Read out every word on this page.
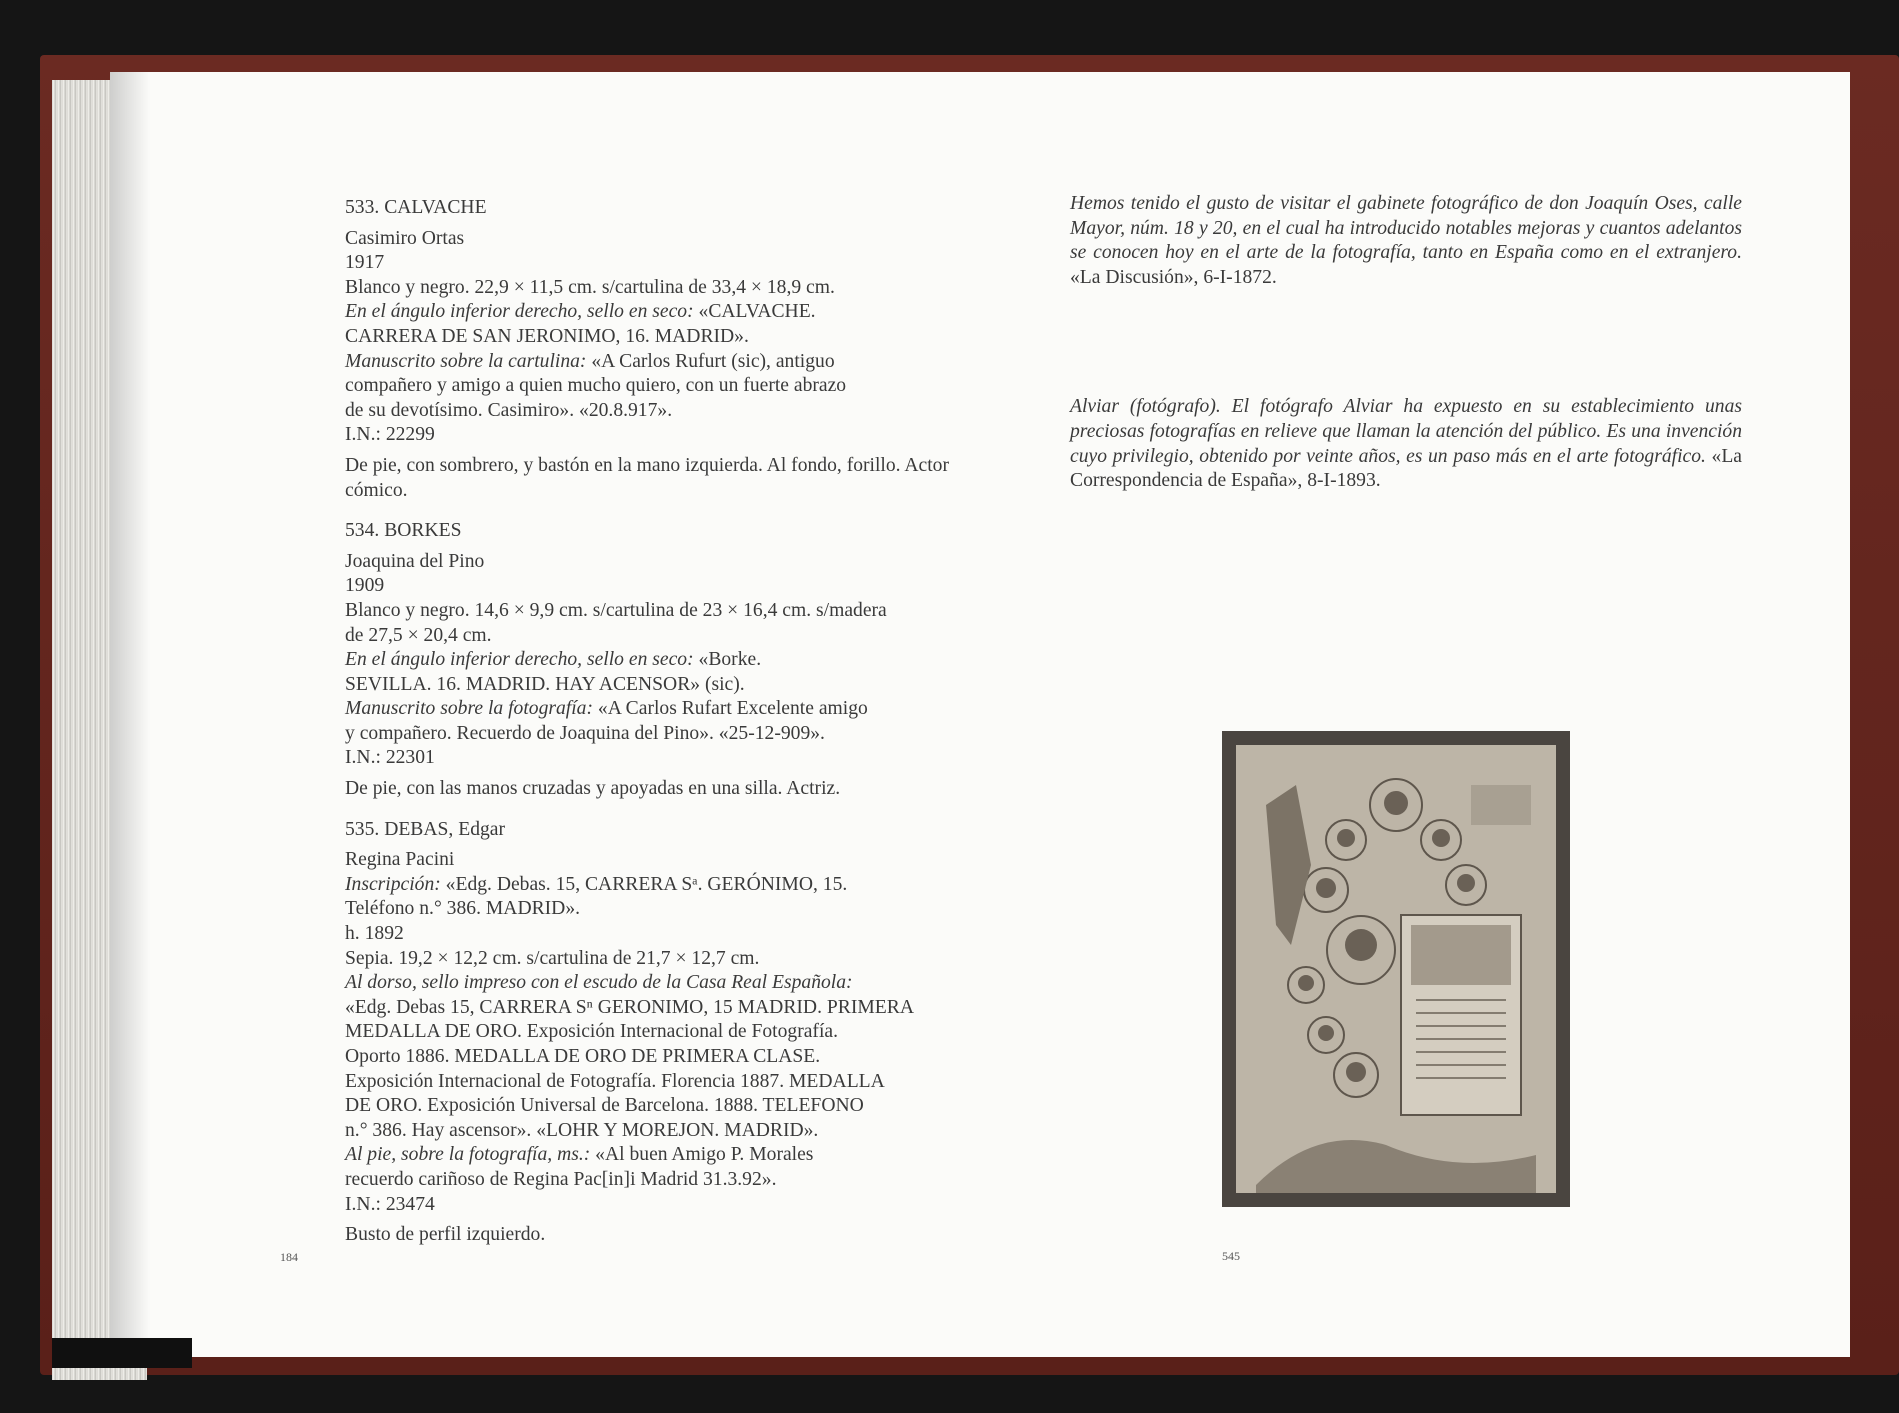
533. CALVACHE

Casimiro Ortas

1917

Blanco y negro. 22,9 × 11,5 cm. s/cartulina de 33,4 × 18,9 cm.

En el ángulo inferior derecho, sello en seco: «CALVACHE.

CARRERA DE SAN JERONIMO, 16. MADRID».

Manuscrito sobre la cartulina: «A Carlos Rufurt (sic), antiguo

compañero y amigo a quien mucho quiero, con un fuerte abrazo

de su devotísimo. Casimiro». «20.8.917».

I.N.: 22299

De pie, con sombrero, y bastón en la mano izquierda. Al fondo, forillo. Actor cómico.

534. BORKES

Joaquina del Pino

1909

Blanco y negro. 14,6 × 9,9 cm. s/cartulina de 23 × 16,4 cm. s/madera

de 27,5 × 20,4 cm.

En el ángulo inferior derecho, sello en seco: «Borke.

SEVILLA. 16. MADRID. HAY ACENSOR» (sic).

Manuscrito sobre la fotografía: «A Carlos Rufart Excelente amigo

y compañero. Recuerdo de Joaquina del Pino». «25-12-909».

I.N.: 22301

De pie, con las manos cruzadas y apoyadas en una silla. Actriz.

535. DEBAS, Edgar

Regina Pacini

Inscripción: «Edg. Debas. 15, CARRERA Sᵃ. GERÓNIMO, 15.

Teléfono n.° 386. MADRID».

h. 1892

Sepia. 19,2 × 12,2 cm. s/cartulina de 21,7 × 12,7 cm.

Al dorso, sello impreso con el escudo de la Casa Real Española:

«Edg. Debas 15, CARRERA Sⁿ GERONIMO, 15 MADRID. PRIMERA

MEDALLA DE ORO. Exposición Internacional de Fotografía.

Oporto 1886. MEDALLA DE ORO DE PRIMERA CLASE.

Exposición Internacional de Fotografía. Florencia 1887. MEDALLA

DE ORO. Exposición Universal de Barcelona. 1888. TELEFONO

n.° 386. Hay ascensor». «LOHR Y MOREJON. MADRID».

Al pie, sobre la fotografía, ms.: «Al buen Amigo P. Morales

recuerdo cariñoso de Regina Pac[in]i Madrid 31.3.92».

I.N.: 23474

Busto de perfil izquierdo.

184

Hemos tenido el gusto de visitar el gabinete fotográfico de don Joaquín Oses, calle Mayor, núm. 18 y 20, en el cual ha introducido notables mejoras y cuantos adelantos se conocen hoy en el arte de la fotografía, tanto en España como en el extranjero. «La Discusión», 6-I-1872.

Alviar (fotógrafo). El fotógrafo Alviar ha expuesto en su establecimiento unas preciosas fotografías en relieve que llaman la atención del público. Es una invención cuyo privilegio, obtenido por veinte años, es un paso más en el arte fotográfico. «La Correspondencia de España», 8-I-1893.

545
